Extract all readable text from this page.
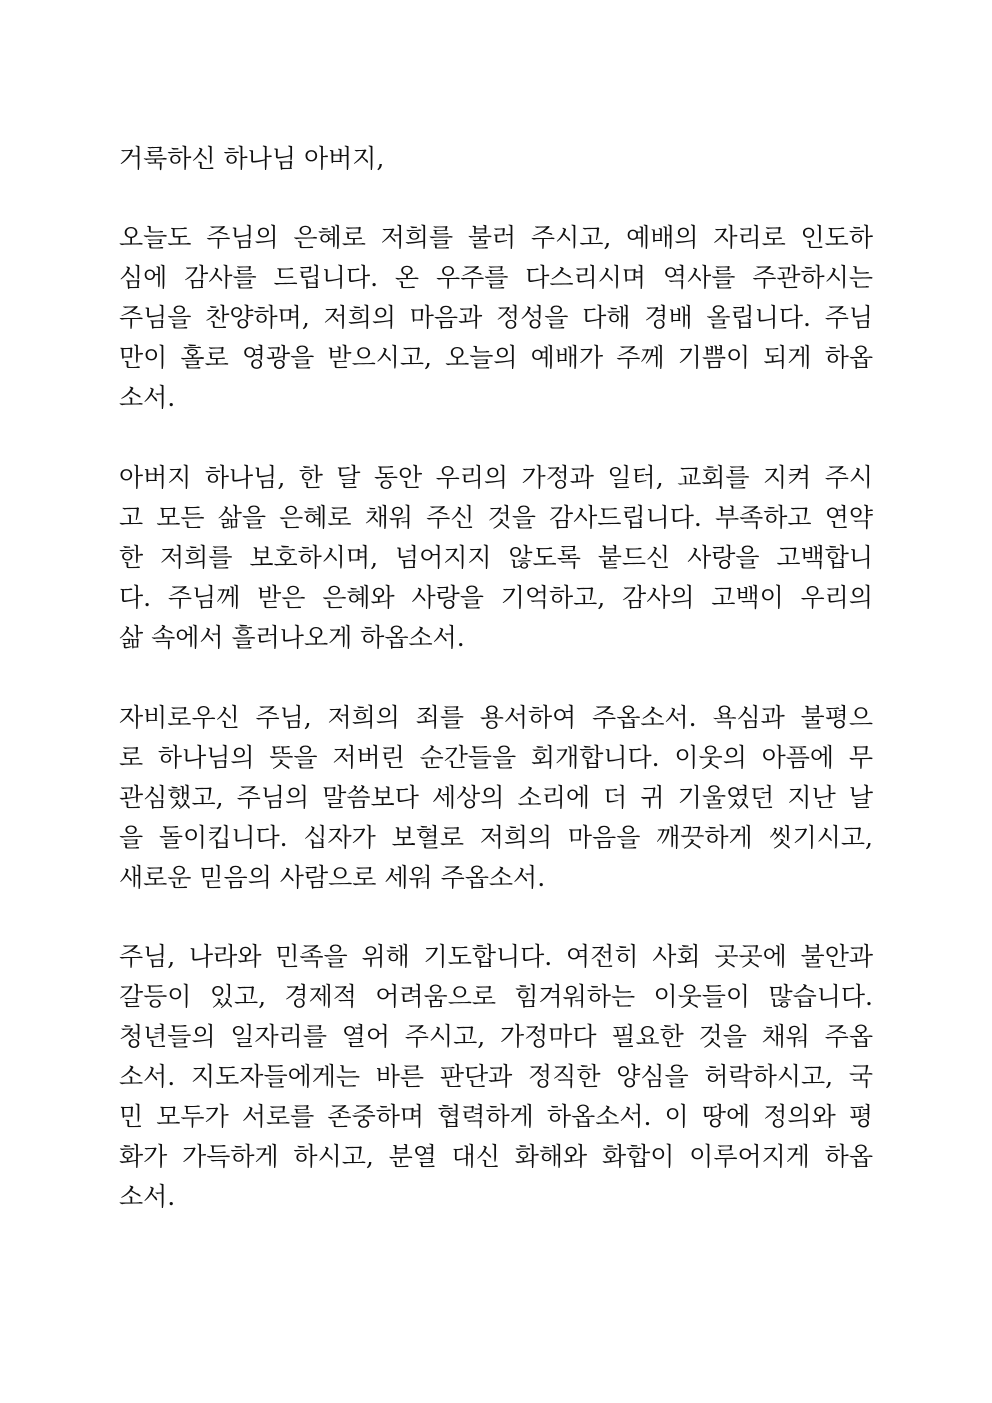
거룩하신 하나님 아버지,
오늘도 주님의 은혜로 저희를 불러 주시고, 예배의 자리로 인도하
심에 감사를 드립니다. 온 우주를 다스리시며 역사를 주관하시는
주님을 찬양하며, 저희의 마음과 정성을 다해 경배 올립니다. 주님
만이 홀로 영광을 받으시고, 오늘의 예배가 주께 기쁨이 되게 하옵
소서.
아버지 하나님, 한 달 동안 우리의 가정과 일터, 교회를 지켜 주시
고 모든 삶을 은혜로 채워 주신 것을 감사드립니다. 부족하고 연약
한 저희를 보호하시며, 넘어지지 않도록 붙드신 사랑을 고백합니
다. 주님께 받은 은혜와 사랑을 기억하고, 감사의 고백이 우리의
삶 속에서 흘러나오게 하옵소서.
자비로우신 주님, 저희의 죄를 용서하여 주옵소서. 욕심과 불평으
로 하나님의 뜻을 저버린 순간들을 회개합니다. 이웃의 아픔에 무
관심했고, 주님의 말씀보다 세상의 소리에 더 귀 기울였던 지난 날
을 돌이킵니다. 십자가 보혈로 저희의 마음을 깨끗하게 씻기시고,
새로운 믿음의 사람으로 세워 주옵소서.
주님, 나라와 민족을 위해 기도합니다. 여전히 사회 곳곳에 불안과
갈등이 있고, 경제적 어려움으로 힘겨워하는 이웃들이 많습니다.
청년들의 일자리를 열어 주시고, 가정마다 필요한 것을 채워 주옵
소서. 지도자들에게는 바른 판단과 정직한 양심을 허락하시고, 국
민 모두가 서로를 존중하며 협력하게 하옵소서. 이 땅에 정의와 평
화가 가득하게 하시고, 분열 대신 화해와 화합이 이루어지게 하옵
소서.
